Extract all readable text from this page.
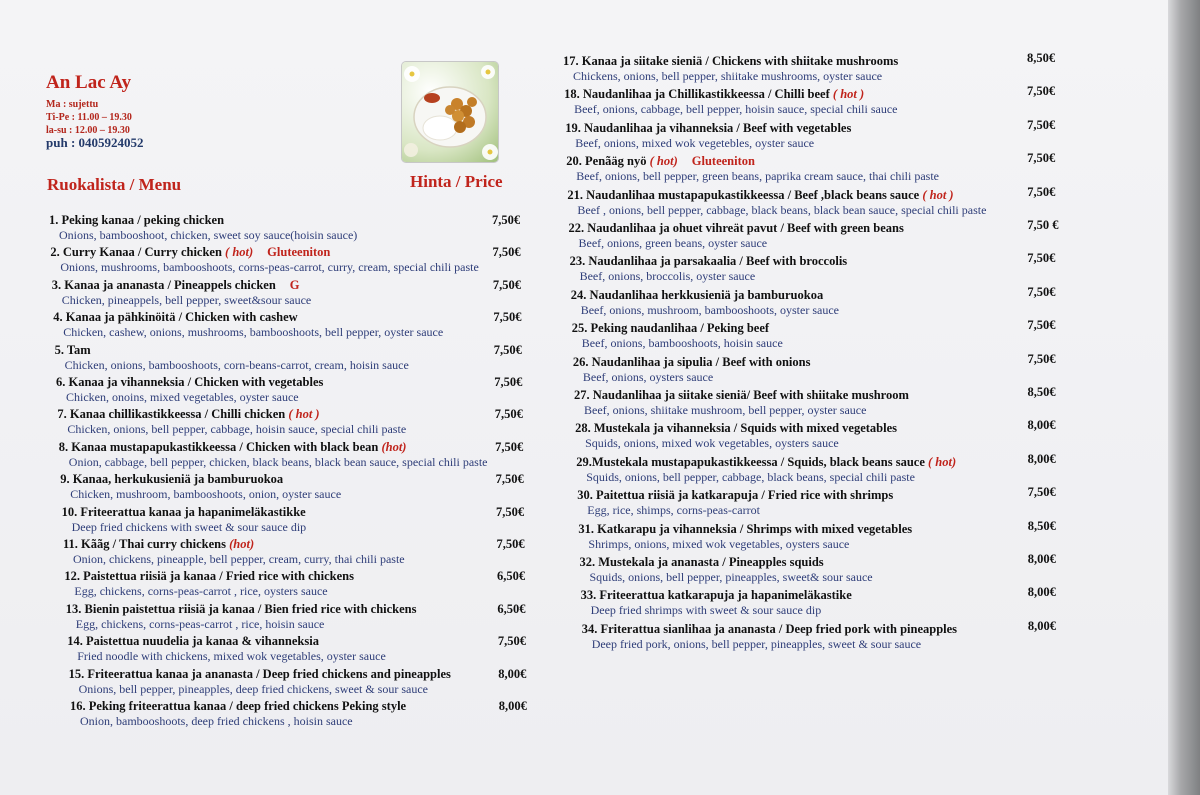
An Lac Ay
Ma : sujettu
Ti-Pe : 11.00 – 19.30
la-su : 12.00 – 19.30
puh : 0405924052
Ruokalista / Menu	Hinta / Price
1. Peking kanaa / peking chicken
Onions, bambooshoot, chicken, sweet soy sauce(hoisin sauce)
7,50€
2. Curry Kanaa / Curry chicken ( hot) Gluteeniton
Onions, mushrooms, bambooshoots, corns-peas-carrot, curry, cream, special chili paste
7,50€
3. Kanaa ja ananasta / Pineappels chicken G
Chicken, pineappels, bell pepper, sweet&sour sauce
7,50€
4. Kanaa ja pähkinöitä / Chicken with cashew
Chicken, cashew, onions, mushrooms, bambooshoots, bell pepper, oyster sauce
7,50€
5. Tam
Chicken, onions, bambooshoots, corn-beans-carrot, cream, hoisin sauce
7,50€
6. Kanaa ja vihanneksia / Chicken with vegetables
Chicken, onoins, mixed vegetables, oyster sauce
7,50€
7. Kanaa chillikastikkeessa / Chilli chicken ( hot )
Chicken, onions, bell pepper, cabbage, hoisin sauce, special chili paste
7,50€
8. Kanaa mustapapukastikkeessa / Chicken with black bean (hot)
Onion, cabbage, bell pepper, chicken, black beans, black bean sauce, special chili paste
7,50€
9. Kanaa, herkukusieniä ja bamburuokoa
Chicken, mushroom, bambooshoots, onion, oyster sauce
7,50€
10. Friteerattua kanaa ja hapanimeläkastikke
Deep fried chickens with sweet & sour sauce dip
7,50€
11. Kããg / Thai curry chickens (hot)
Onion, chickens, pineapple, bell pepper, cream, curry, thai chili paste
7,50€
12. Paistettua riisiä ja kanaa / Fried rice with chickens
Egg, chickens, corns-peas-carrot , rice, oysters sauce
6,50€
13. Bienin paistettua riisiä ja kanaa / Bien fried rice with chickens
Egg, chickens, corns-peas-carrot , rice, hoisin sauce
6,50€
14. Paistettua nuudelia ja kanaa & vihanneksia
Fried noodle with chickens, mixed wok vegetables, oyster sauce
7,50€
15. Friteerattua kanaa ja ananasta / Deep fried chickens and pineapples
Onions, bell pepper, pineapples, deep fried chickens, sweet & sour sauce
8,00€
16. Peking friteerattua kanaa / deep fried chickens Peking style
Onion, bambooshoots, deep fried chickens , hoisin sauce
8,00€
17. Kanaa ja siitake sieniä / Chickens with shiitake mushrooms
Chickens, onions, bell pepper, shiitake mushrooms, oyster sauce
8,50€
18. Naudanlihaa ja Chillikastikkeessa / Chilli beef ( hot )
Beef, onions, cabbage, bell pepper, hoisin sauce, special chili sauce
7,50€
19. Naudanlihaa ja vihanneksia / Beef with vegetables
Beef, onions, mixed wok vegetebles, oyster sauce
7,50€
20. Penãäg nyö ( hot) Gluteeniton
Beef, onions, bell pepper, green beans, paprika cream sauce, thai chili paste
7,50€
21. Naudanlihaa mustapapukastikkeessa / Beef ,black beans sauce ( hot )
Beef , onions, bell pepper, cabbage, black beans, black bean sauce, special chili paste
7,50€
22. Naudanlihaa ja ohuet vihreät pavut / Beef with green beans
Beef, onions, green beans, oyster sauce
7,50 €
23. Naudanlihaa ja parsakaalia / Beef with broccolis
Beef, onions, broccolis, oyster sauce
7,50€
24. Naudanlihaa herkkusieniä ja bamburuokoa
Beef, onions, mushroom, bambooshoots, oyster sauce
7,50€
25. Peking naudanlihaa / Peking beef
Beef, onions, bambooshoots, hoisin sauce
7,50€
26. Naudanlihaa ja sipulia / Beef with onions
Beef, onions, oysters sauce
7,50€
27. Naudanlihaa ja siitake sieniä/ Beef with shiitake mushroom
Beef, onions, shiitake mushroom, bell pepper, oyster sauce
8,50€
28. Mustekala ja vihanneksia / Squids with mixed vegetables
Squids, onions, mixed wok vegetables, oysters sauce
8,00€
29.Mustekala mustapapukastikkeessa / Squids, black beans sauce ( hot)
Squids, onions, bell pepper, cabbage, black beans, special chili paste
8,00€
30. Paitettua riisiä ja katkarapuja / Fried rice with shrimps
Egg, rice, shimps, corns-peas-carrot
7,50€
31. Katkarapu ja vihanneksia / Shrimps with mixed vegetables
Shrimps, onions, mixed wok vegetables, oysters sauce
8,50€
32. Mustekala ja ananasta / Pineapples squids
Squids, onions, bell pepper, pineapples, sweet& sour sauce
8,00€
33. Friteerattua katkarapuja ja hapanimeläkastike
Deep fried shrimps with sweet & sour sauce dip
8,00€
34. Friterattua sianlihaa ja ananasta / Deep fried pork with pineapples
Deep fried pork, onions, bell pepper, pineapples, sweet & sour sauce
8,00€
